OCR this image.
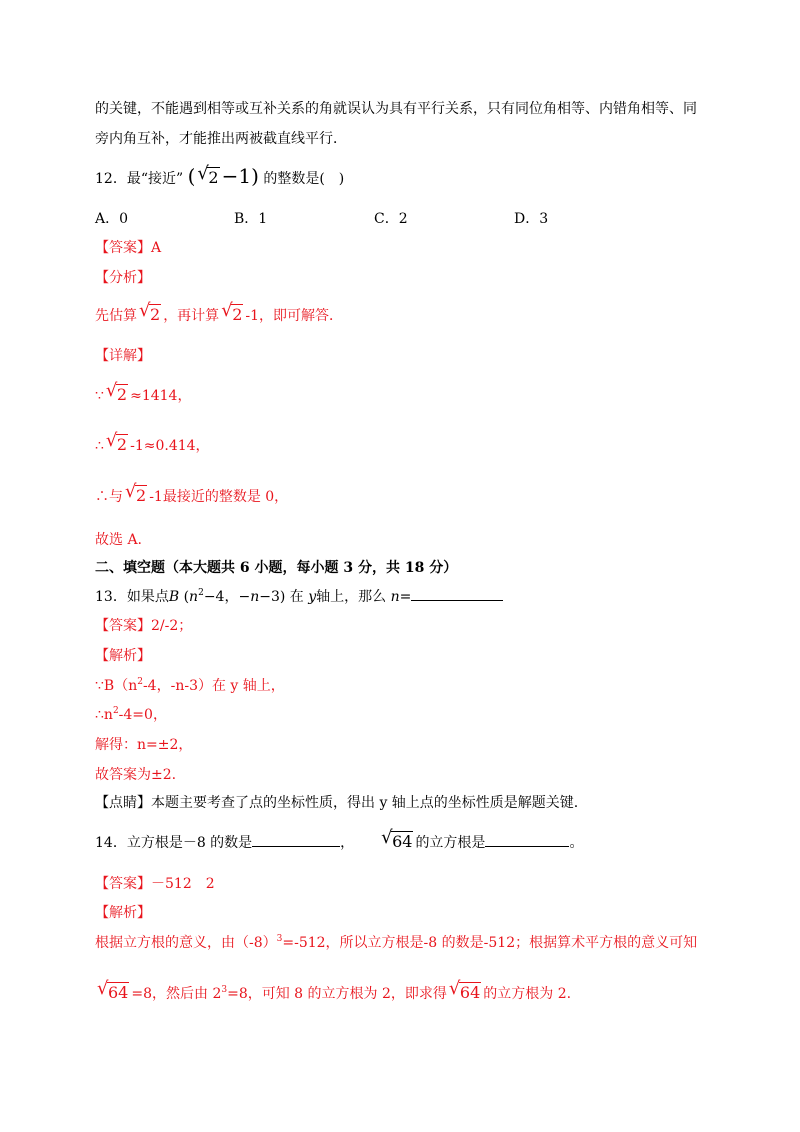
的关键，不能遇到相等或互补关系的角就误认为具有平行关系，只有同位角相等、内错角相等、同
旁内角互补，才能推出两被截直线平行．
12．最“接近” ( √ 2 −1) 的整数是(　)
A．0	B．1	C．2	D．3
【答案】A
【分析】
先估算 √ 2 ，再计算 √ 2 -1，即可解答．
【详解】
∵ √ 2 ≈1414，
∴ √ 2 -1≈0.414，
∴与 √ 2 -1最接近的整数是 0，
故选 A.
二、填空题（本大题共 6 小题，每小题 3 分，共 18 分）
13．如果点B ($n^2-4$，−n−3) 在 y轴上，那么 n=
【答案】2/-2；
【解析】
$\because B(n^2-4$，-n-3）在 y 轴上，
$\therefore n^2-4=0$，
解得：n=±2，
故答案为±2.
【点睛】本题主要考查了点的坐标性质，得出 y 轴上点的坐标性质是解题关键.
14．立方根是－8 的数是	， √ 64 的立方根是	。
【答案】－512　2
【解析】
根据立方根的意义，由$(-8)^3=-512$，所以立方根是-8 的数是-512；根据算术平方根的意义可知
√ 64 =8，然后由 $2^3=8$，可知 8 的立方根为 2，即求得 √ 64 的立方根为 2.
